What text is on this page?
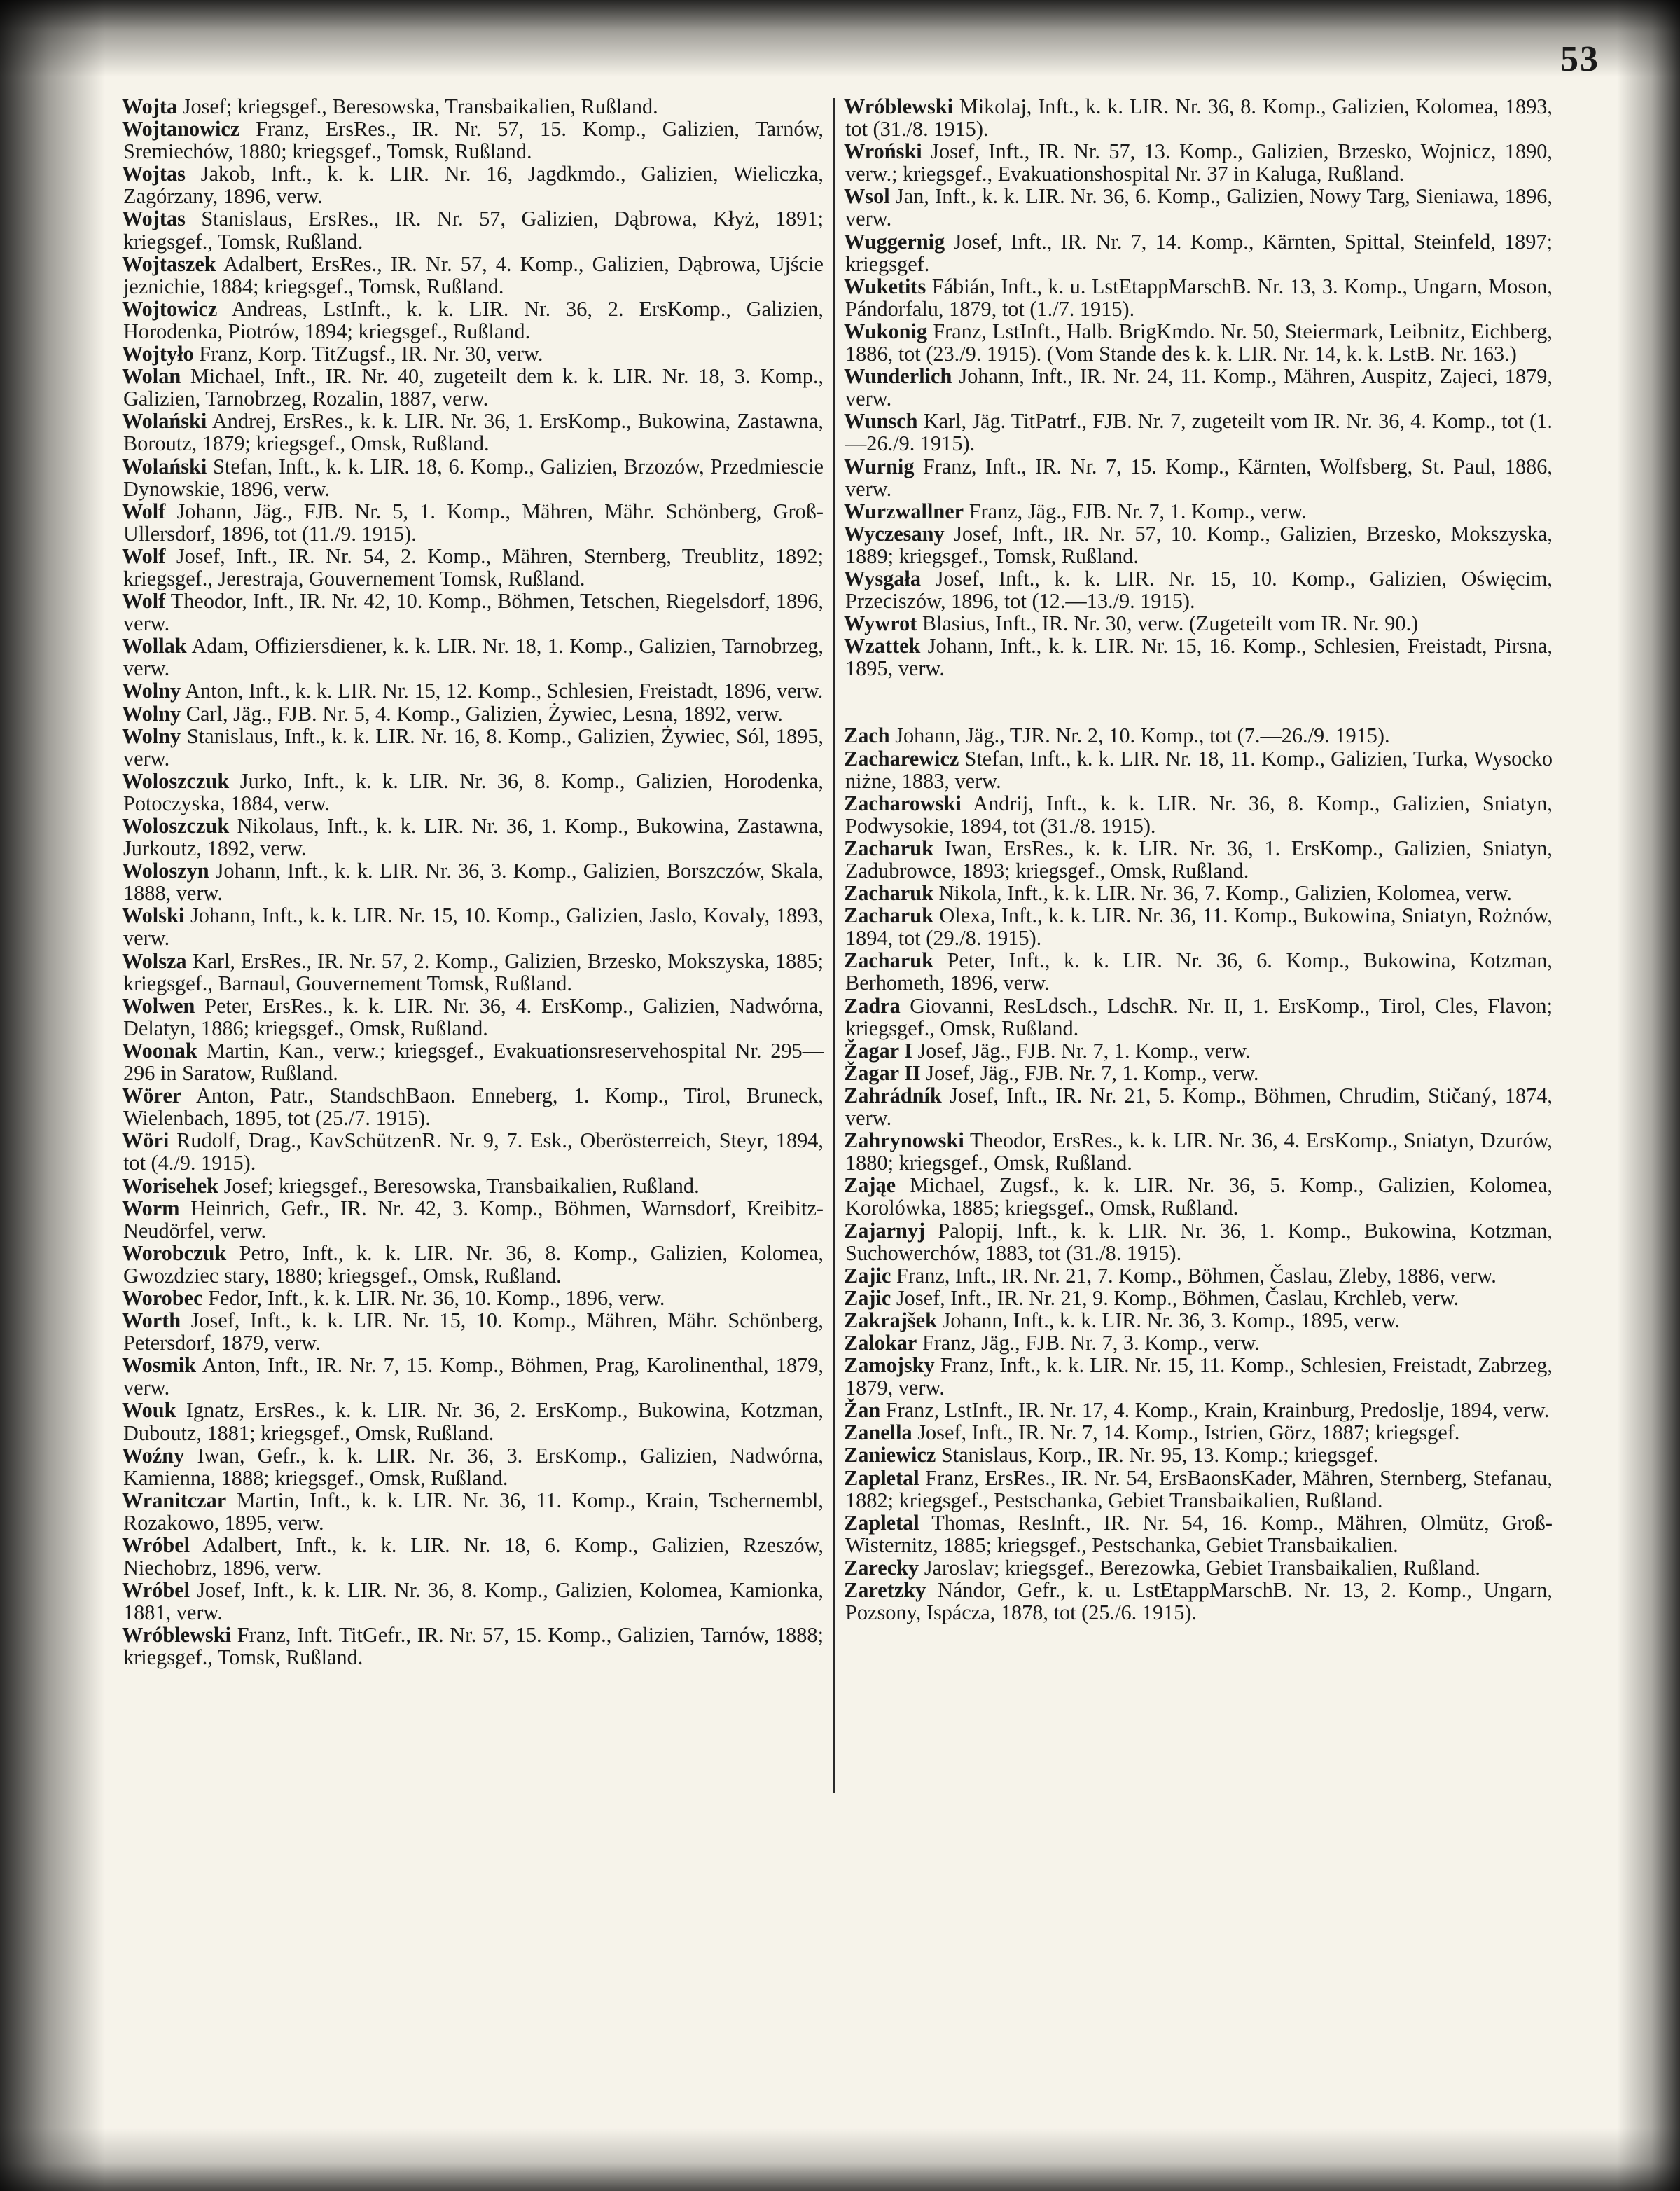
53
Wojta Josef; kriegsgef., Beresowska, Transbaikalien, Rußland.
Wojtanowicz Franz, ErsRes., IR. Nr. 57, 15. Komp., Galizien, Tarnów, Sremiechów, 1880; kriegsgef., Tomsk, Rußland.
Wojtas Jakob, Inft., k. k. LIR. Nr. 16, Jagdkmdo., Galizien, Wieliczka, Zagórzany, 1896, verw.
Wojtas Stanislaus, ErsRes., IR. Nr. 57, Galizien, Dąbrowa, Kłyż, 1891; kriegsgef., Tomsk, Rußland.
Wojtaszek Adalbert, ErsRes., IR. Nr. 57, 4. Komp., Galizien, Dąbrowa, Ujście jeznichie, 1884; kriegsgef., Tomsk, Rußland.
Wojtowicz Andreas, LstInft., k. k. LIR. Nr. 36, 2. ErsKomp., Galizien, Horodenka, Piotrów, 1894; kriegsgef., Rußland.
Wojtyło Franz, Korp. TitZugsf., IR. Nr. 30, verw.
Wolan Michael, Inft., IR. Nr. 40, zugeteilt dem k. k. LIR. Nr. 18, 3. Komp., Galizien, Tarnobrzeg, Rozalin, 1887, verw.
Wolański Andrej, ErsRes., k. k. LIR. Nr. 36, 1. ErsKomp., Bukowina, Zastawna, Boroutz, 1879; kriegsgef., Omsk, Rußland.
Wolański Stefan, Inft., k. k. LIR. 18, 6. Komp., Galizien, Brzozów, Przedmiescie Dynowskie, 1896, verw.
Wolf Johann, Jäg., FJB. Nr. 5, 1. Komp., Mähren, Mähr. Schönberg, Groß-Ullersdorf, 1896, tot (11./9. 1915).
Wolf Josef, Inft., IR. Nr. 54, 2. Komp., Mähren, Sternberg, Treublitz, 1892; kriegsgef., Jerestraja, Gouvernement Tomsk, Rußland.
Wolf Theodor, Inft., IR. Nr. 42, 10. Komp., Böhmen, Tetschen, Riegelsdorf, 1896, verw.
Wollak Adam, Offiziersdiener, k. k. LIR. Nr. 18, 1. Komp., Galizien, Tarnobrzeg, verw.
Wolny Anton, Inft., k. k. LIR. Nr. 15, 12. Komp., Schlesien, Freistadt, 1896, verw.
Wolny Carl, Jäg., FJB. Nr. 5, 4. Komp., Galizien, Żywiec, Lesna, 1892, verw.
Wolny Stanislaus, Inft., k. k. LIR. Nr. 16, 8. Komp., Galizien, Żywiec, Sól, 1895, verw.
Woloszczuk Jurko, Inft., k. k. LIR. Nr. 36, 8. Komp., Galizien, Horodenka, Potoczyska, 1884, verw.
Woloszczuk Nikolaus, Inft., k. k. LIR. Nr. 36, 1. Komp., Bukowina, Zastawna, Jurkoutz, 1892, verw.
Woloszyn Johann, Inft., k. k. LIR. Nr. 36, 3. Komp., Galizien, Borszczów, Skala, 1888, verw.
Wolski Johann, Inft., k. k. LIR. Nr. 15, 10. Komp., Galizien, Jaslo, Kovaly, 1893, verw.
Wolsza Karl, ErsRes., IR. Nr. 57, 2. Komp., Galizien, Brzesko, Mokszyska, 1885; kriegsgef., Barnaul, Gouvernement Tomsk, Rußland.
Wolwen Peter, ErsRes., k. k. LIR. Nr. 36, 4. ErsKomp., Galizien, Nadwórna, Delatyn, 1886; kriegsgef., Omsk, Rußland.
Woonak Martin, Kan., verw.; kriegsgef., Evakuationsreservehospital Nr. 295—296 in Saratow, Rußland.
Wörer Anton, Patr., StandschBaon. Enneberg, 1. Komp., Tirol, Bruneck, Wielenbach, 1895, tot (25./7. 1915).
Wöri Rudolf, Drag., KavSchützenR. Nr. 9, 7. Esk., Oberösterreich, Steyr, 1894, tot (4./9. 1915).
Worisehek Josef; kriegsgef., Beresowska, Transbaikalien, Rußland.
Worm Heinrich, Gefr., IR. Nr. 42, 3. Komp., Böhmen, Warnsdorf, Kreibitz-Neudörfel, verw.
Worobczuk Petro, Inft., k. k. LIR. Nr. 36, 8. Komp., Galizien, Kolomea, Gwozdziec stary, 1880; kriegsgef., Omsk, Rußland.
Worobec Fedor, Inft., k. k. LIR. Nr. 36, 10. Komp., 1896, verw.
Worth Josef, Inft., k. k. LIR. Nr. 15, 10. Komp., Mähren, Mähr. Schönberg, Petersdorf, 1879, verw.
Wosmik Anton, Inft., IR. Nr. 7, 15. Komp., Böhmen, Prag, Karolinenthal, 1879, verw.
Wouk Ignatz, ErsRes., k. k. LIR. Nr. 36, 2. ErsKomp., Bukowina, Kotzman, Duboutz, 1881; kriegsgef., Omsk, Rußland.
Woźny Iwan, Gefr., k. k. LIR. Nr. 36, 3. ErsKomp., Galizien, Nadwórna, Kamienna, 1888; kriegsgef., Omsk, Rußland.
Wranitczar Martin, Inft., k. k. LIR. Nr. 36, 11. Komp., Krain, Tschernembl, Rozakowo, 1895, verw.
Wróbel Adalbert, Inft., k. k. LIR. Nr. 18, 6. Komp., Galizien, Rzeszów, Niechobrz, 1896, verw.
Wróbel Josef, Inft., k. k. LIR. Nr. 36, 8. Komp., Galizien, Kolomea, Kamionka, 1881, verw.
Wróblewski Franz, Inft. TitGefr., IR. Nr. 57, 15. Komp., Galizien, Tarnów, 1888; kriegsgef., Tomsk, Rußland.
Wróblewski Mikolaj, Inft., k. k. LIR. Nr. 36, 8. Komp., Galizien, Kolomea, 1893, tot (31./8. 1915).
Wroński Josef, Inft., IR. Nr. 57, 13. Komp., Galizien, Brzesko, Wojnicz, 1890, verw.; kriegsgef., Evakuationshospital Nr. 37 in Kaluga, Rußland.
Wsol Jan, Inft., k. k. LIR. Nr. 36, 6. Komp., Galizien, Nowy Targ, Sieniawa, 1896, verw.
Wuggernig Josef, Inft., IR. Nr. 7, 14. Komp., Kärnten, Spittal, Steinfeld, 1897; kriegsgef.
Wuketits Fábián, Inft., k. u. LstEtappMarschB. Nr. 13, 3. Komp., Ungarn, Moson, Pándorfalu, 1879, tot (1./7. 1915).
Wukonig Franz, LstInft., Halb. BrigKmdo. Nr. 50, Steiermark, Leibnitz, Eichberg, 1886, tot (23./9. 1915). (Vom Stande des k. k. LIR. Nr. 14, k. k. LstB. Nr. 163.)
Wunderlich Johann, Inft., IR. Nr. 24, 11. Komp., Mähren, Auspitz, Zajeci, 1879, verw.
Wunsch Karl, Jäg. TitPatrf., FJB. Nr. 7, zugeteilt vom IR. Nr. 36, 4. Komp., tot (1.—26./9. 1915).
Wurnig Franz, Inft., IR. Nr. 7, 15. Komp., Kärnten, Wolfsberg, St. Paul, 1886, verw.
Wurzwallner Franz, Jäg., FJB. Nr. 7, 1. Komp., verw.
Wyczesany Josef, Inft., IR. Nr. 57, 10. Komp., Galizien, Brzesko, Mokszyska, 1889; kriegsgef., Tomsk, Rußland.
Wysgała Josef, Inft., k. k. LIR. Nr. 15, 10. Komp., Galizien, Oświęcim, Przeciszów, 1896, tot (12.—13./9. 1915).
Wywrot Blasius, Inft., IR. Nr. 30, verw. (Zugeteilt vom IR. Nr. 90.)
Wzattek Johann, Inft., k. k. LIR. Nr. 15, 16. Komp., Schlesien, Freistadt, Pirsna, 1895, verw.
Zach Johann, Jäg., TJR. Nr. 2, 10. Komp., tot (7.—26./9. 1915).
Zacharewicz Stefan, Inft., k. k. LIR. Nr. 18, 11. Komp., Galizien, Turka, Wysocko niżne, 1883, verw.
Zacharowski Andrij, Inft., k. k. LIR. Nr. 36, 8. Komp., Galizien, Sniatyn, Podwysokie, 1894, tot (31./8. 1915).
Zacharuk Iwan, ErsRes., k. k. LIR. Nr. 36, 1. ErsKomp., Galizien, Sniatyn, Zadubrowce, 1893; kriegsgef., Omsk, Rußland.
Zacharuk Nikola, Inft., k. k. LIR. Nr. 36, 7. Komp., Galizien, Kolomea, verw.
Zacharuk Olexa, Inft., k. k. LIR. Nr. 36, 11. Komp., Bukowina, Sniatyn, Rożnów, 1894, tot (29./8. 1915).
Zacharuk Peter, Inft., k. k. LIR. Nr. 36, 6. Komp., Bukowina, Kotzman, Berhometh, 1896, verw.
Zadra Giovanni, ResLdsch., LdschR. Nr. II, 1. ErsKomp., Tirol, Cles, Flavon; kriegsgef., Omsk, Rußland.
Žagar I Josef, Jäg., FJB. Nr. 7, 1. Komp., verw.
Žagar II Josef, Jäg., FJB. Nr. 7, 1. Komp., verw.
Zahrádník Josef, Inft., IR. Nr. 21, 5. Komp., Böhmen, Chrudim, Stičaný, 1874, verw.
Zahrynowski Theodor, ErsRes., k. k. LIR. Nr. 36, 4. ErsKomp., Sniatyn, Dzurów, 1880; kriegsgef., Omsk, Rußland.
Zająe Michael, Zugsf., k. k. LIR. Nr. 36, 5. Komp., Galizien, Kolomea, Korolówka, 1885; kriegsgef., Omsk, Rußland.
Zajarnyj Palopij, Inft., k. k. LIR. Nr. 36, 1. Komp., Bukowina, Kotzman, Suchowerchów, 1883, tot (31./8. 1915).
Zajic Franz, Inft., IR. Nr. 21, 7. Komp., Böhmen, Časlau, Zleby, 1886, verw.
Zajic Josef, Inft., IR. Nr. 21, 9. Komp., Böhmen, Časlau, Krchleb, verw.
Zakrajšek Johann, Inft., k. k. LIR. Nr. 36, 3. Komp., 1895, verw.
Zalokar Franz, Jäg., FJB. Nr. 7, 3. Komp., verw.
Zamojsky Franz, Inft., k. k. LIR. Nr. 15, 11. Komp., Schlesien, Freistadt, Zabrzeg, 1879, verw.
Žan Franz, LstInft., IR. Nr. 17, 4. Komp., Krain, Krainburg, Predoslje, 1894, verw.
Zanella Josef, Inft., IR. Nr. 7, 14. Komp., Istrien, Görz, 1887; kriegsgef.
Zaniewicz Stanislaus, Korp., IR. Nr. 95, 13. Komp.; kriegsgef.
Zapletal Franz, ErsRes., IR. Nr. 54, ErsBaonsKader, Mähren, Sternberg, Stefanau, 1882; kriegsgef., Pestschanka, Gebiet Transbaikalien, Rußland.
Zapletal Thomas, ResInft., IR. Nr. 54, 16. Komp., Mähren, Olmütz, Groß-Wisternitz, 1885; kriegsgef., Pestschanka, Gebiet Transbaikalien.
Zarecky Jaroslav; kriegsgef., Berezowka, Gebiet Transbaikalien, Rußland.
Zaretzky Nándor, Gefr., k. u. LstEtappMarschB. Nr. 13, 2. Komp., Ungarn, Pozsony, Ispácza, 1878, tot (25./6. 1915).
